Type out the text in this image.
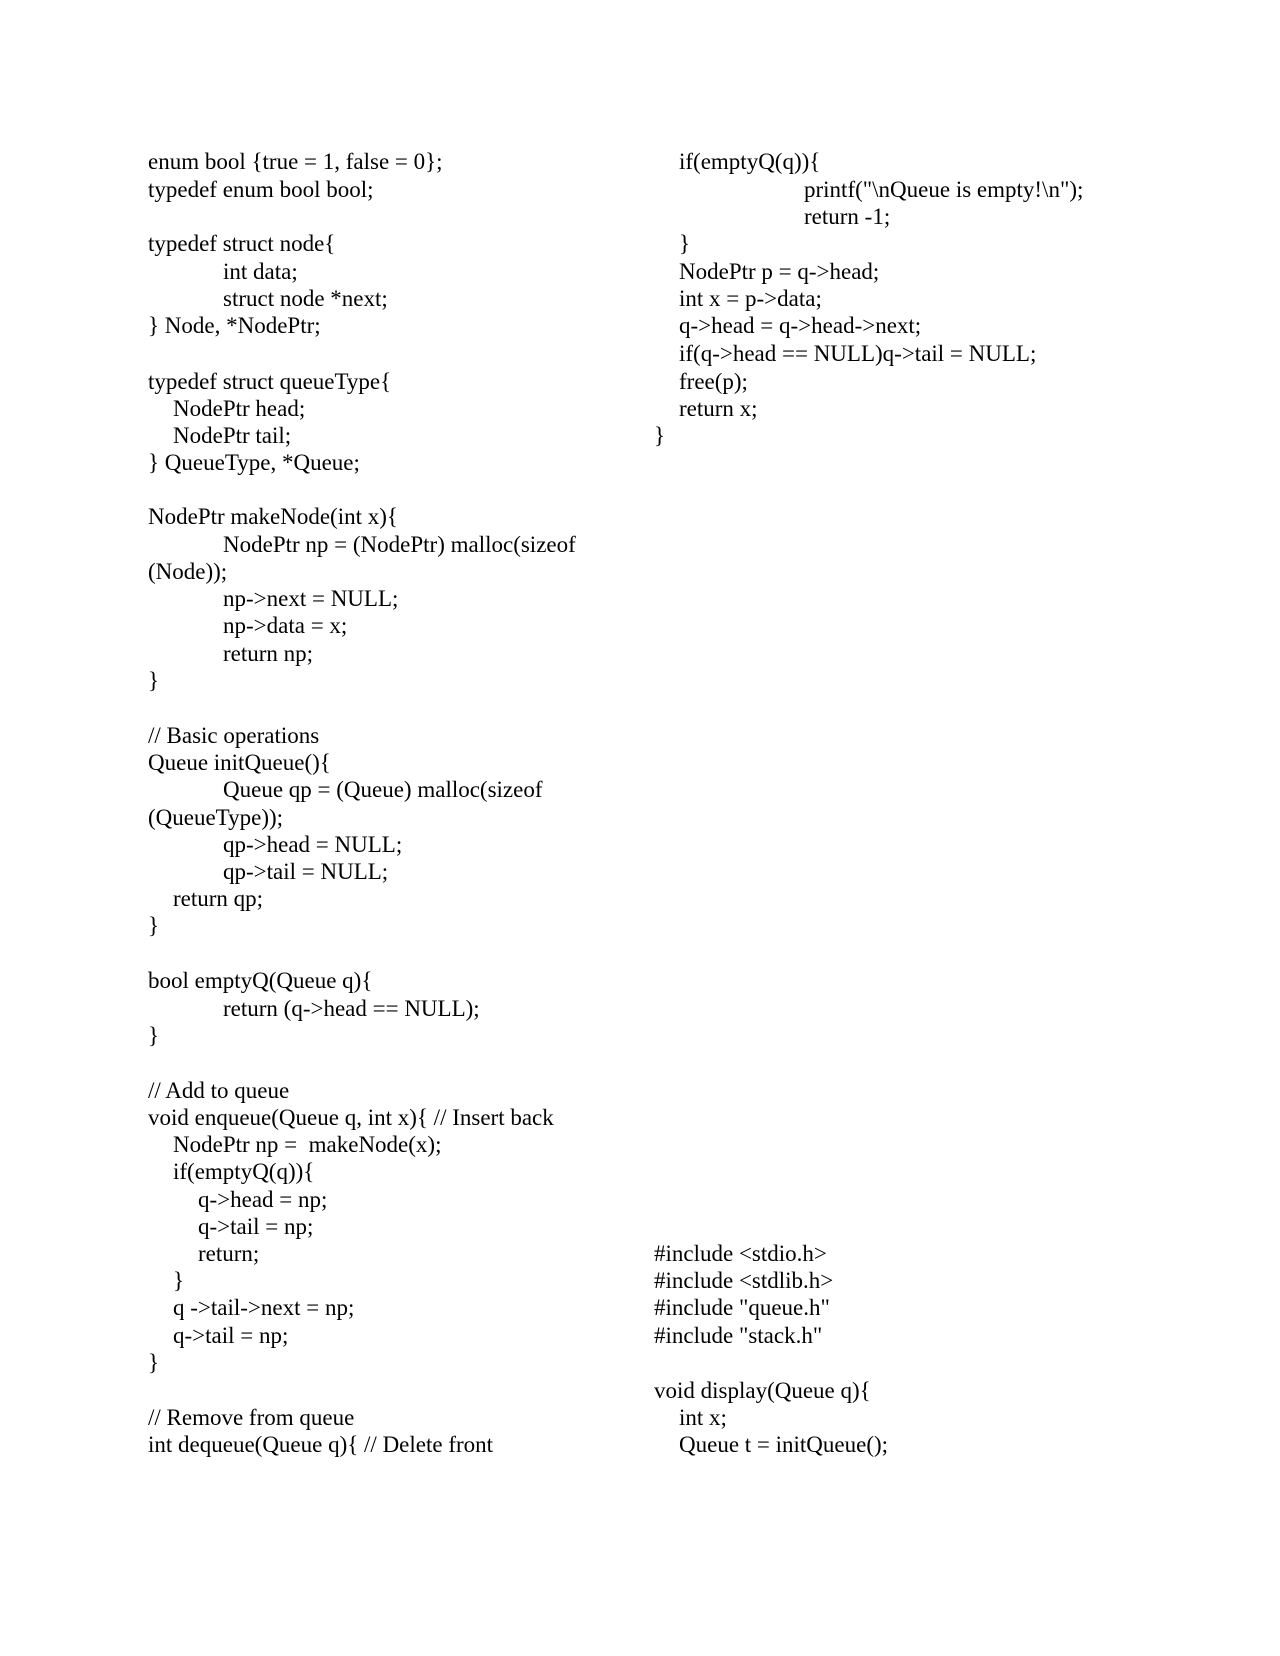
enum bool {true = 1, false = 0};
typedef enum bool bool;
typedef struct node{
int data;
struct node *next;
} Node, *NodePtr;
typedef struct queueType{
NodePtr head;
NodePtr tail;
} QueueType, *Queue;
NodePtr makeNode(int x){
NodePtr np = (NodePtr) malloc(sizeof
(Node));
np->next = NULL;
np->data = x;
return np;
}
// Basic operations
Queue initQueue(){
Queue qp = (Queue) malloc(sizeof
(QueueType));
qp->head = NULL;
qp->tail = NULL;
return qp;
}
bool emptyQ(Queue q){
return (q->head == NULL);
}
// Add to queue
void enqueue(Queue q, int x){ // Insert back
NodePtr np =  makeNode(x);
if(emptyQ(q)){
q->head = np;
q->tail = np;
return;
}
q ->tail->next = np;
q->tail = np;
}
// Remove from queue
int dequeue(Queue q){ // Delete front
if(emptyQ(q)){
printf("\nQueue is empty!\n");
return -1;
}
NodePtr p = q->head;
int x = p->data;
q->head = q->head->next;
if(q->head == NULL)q->tail = NULL;
free(p);
return x;
}
#include <stdio.h>
#include <stdlib.h>
#include "queue.h"
#include "stack.h"
void display(Queue q){
int x;
Queue t = initQueue();
